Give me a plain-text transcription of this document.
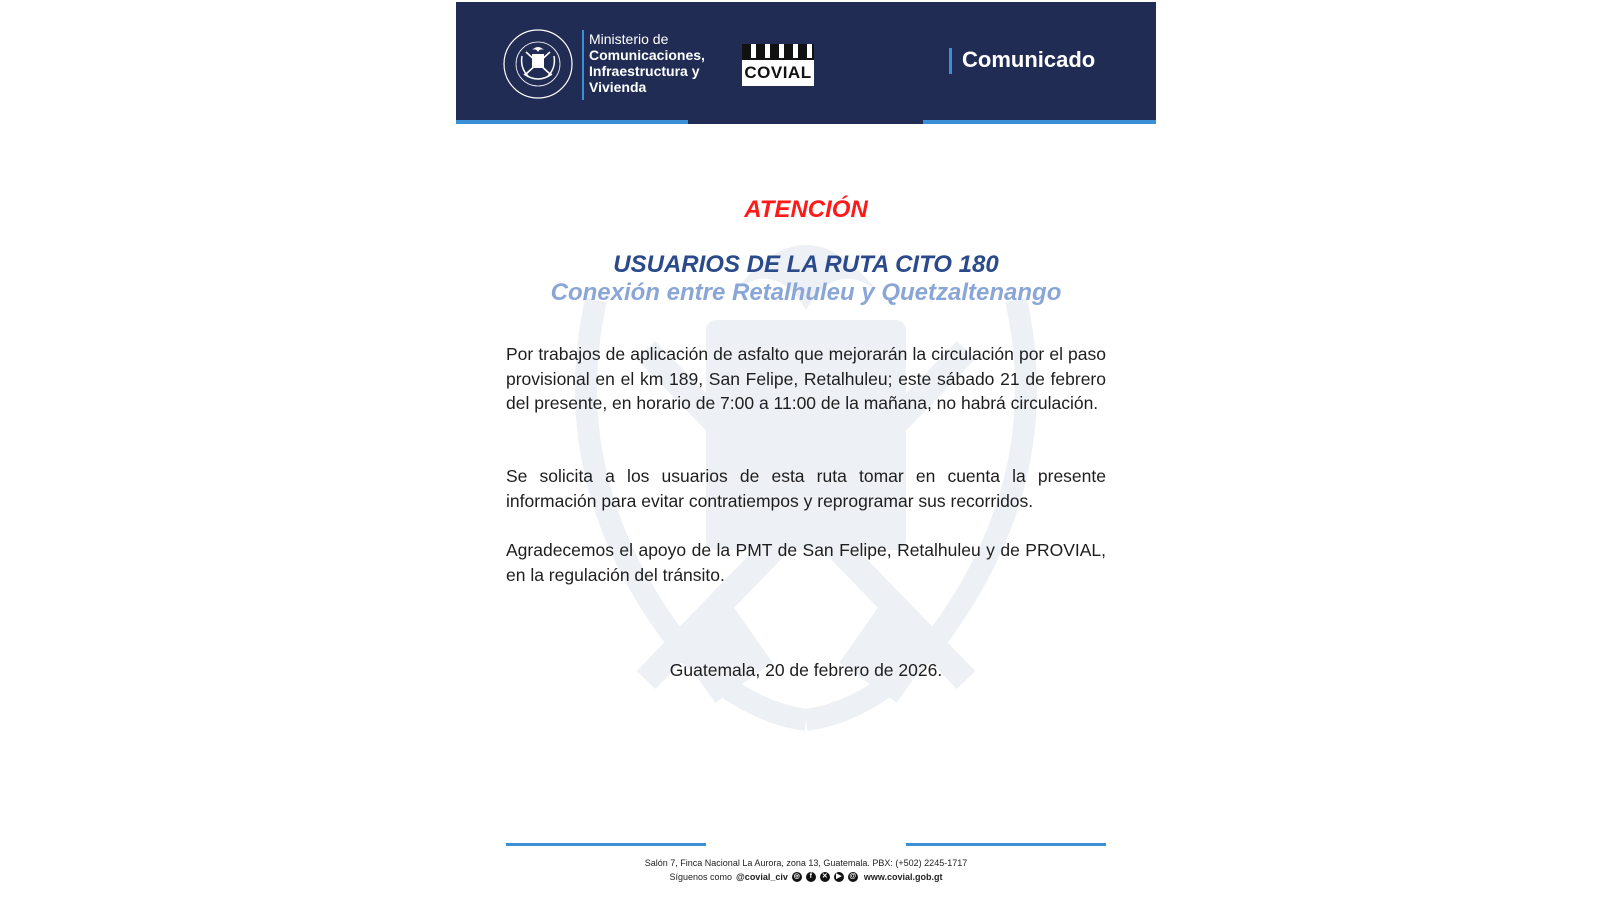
Ministerio de
Comunicaciones,
Infraestructura y
Vivienda
COVIAL
Comunicado
ATENCIÓN
USUARIOS DE LA RUTA CITO 180
Conexión entre Retalhuleu y Quetzaltenango
Por trabajos de aplicación de asfalto que mejorarán la circulación por el paso provisional en el km 189, San Felipe, Retalhuleu; este sábado 21 de febrero del presente, en horario de 7:00 a 11:00 de la mañana, no habrá circulación.
Se solicita a los usuarios de esta ruta tomar en cuenta la presente información para evitar contratiempos y reprogramar sus recorridos.
Agradecemos el apoyo de la PMT de San Felipe, Retalhuleu y de PROVIAL, en la regulación del tránsito.
Guatemala, 20 de febrero de 2026.
Salón 7, Finca Nacional La Aurora, zona 13, Guatemala. PBX: (+502) 2245-1717
Síguenos como @covial_civ ◎	f	✕	▶	@ www.covial.gob.gt
